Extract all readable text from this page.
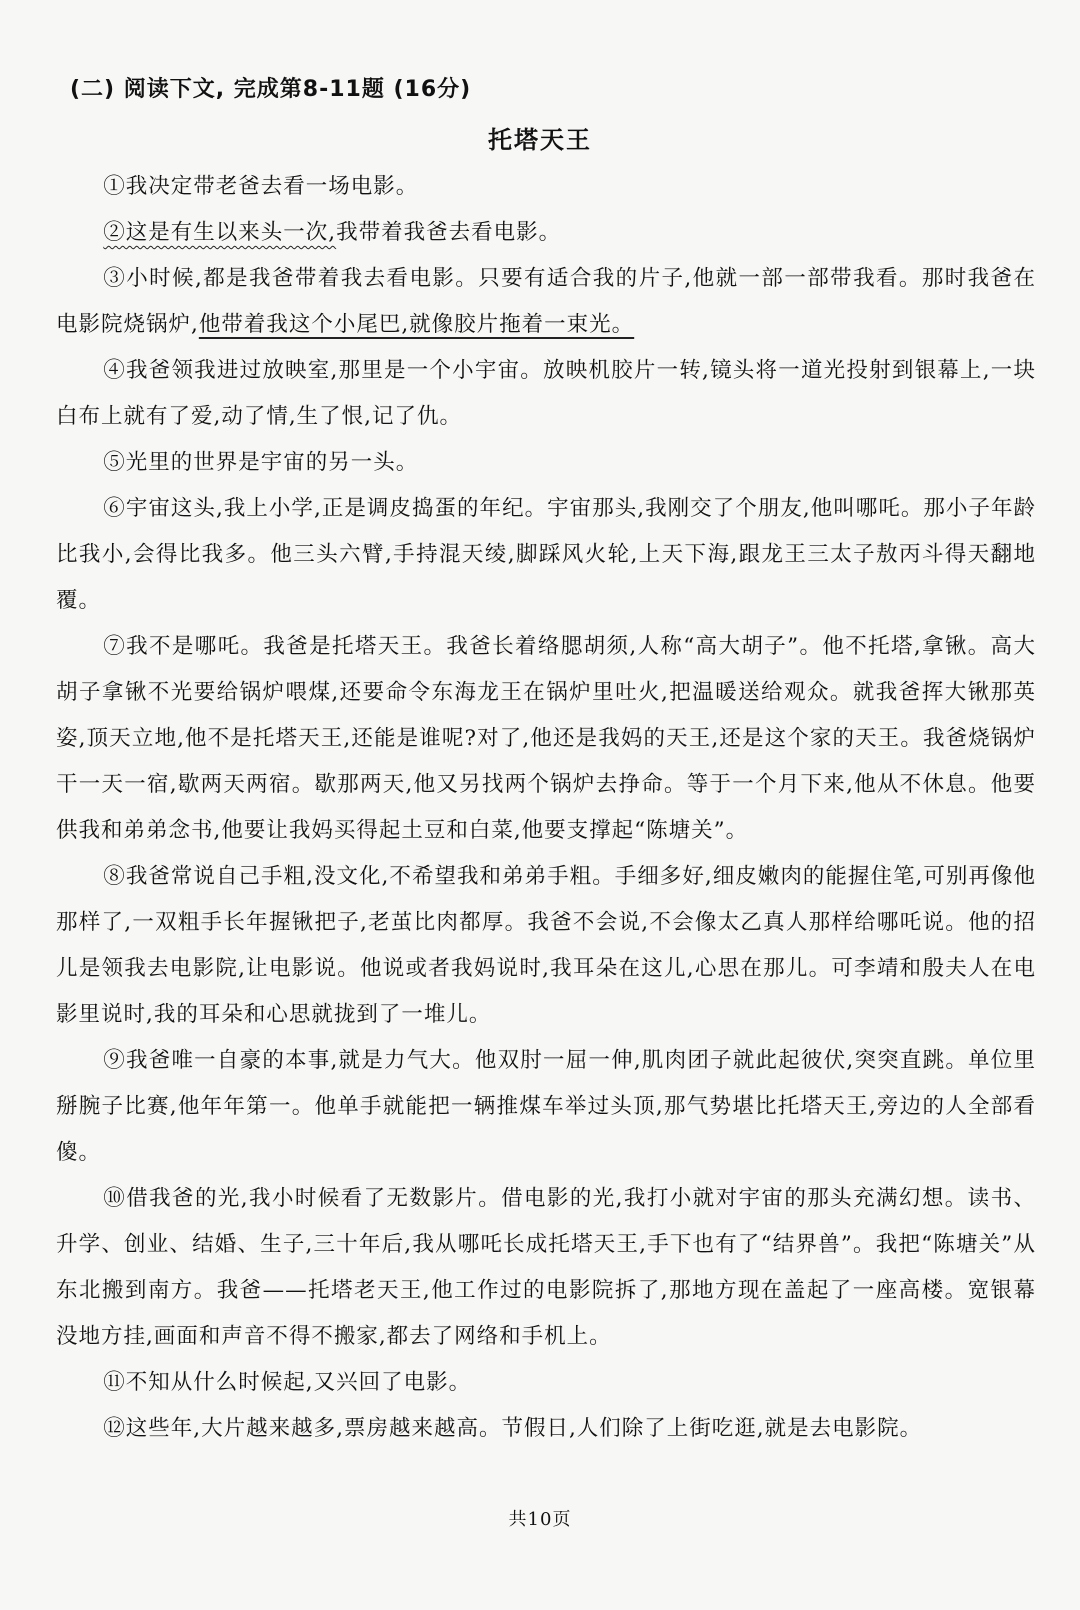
(二) 阅读下文, 完成第8-11题 (16分)
托塔天王

①我决定带老爸去看一场电影。

②这是有生以来头一次,我带着我爸去看电影。

③小时候,都是我爸带着我去看电影。只要有适合我的片子,他就一部一部带我看。那时我爸在电影院烧锅炉,他带着我这个小尾巴,就像胶片拖着一束光。

④我爸领我进过放映室,那里是一个小宇宙。放映机胶片一转,镜头将一道光投射到银幕上,一块白布上就有了爱,动了情,生了恨,记了仇。

⑤光里的世界是宇宙的另一头。

⑥宇宙这头,我上小学,正是调皮捣蛋的年纪。宇宙那头,我刚交了个朋友,他叫哪吒。那小子年龄比我小,会得比我多。他三头六臂,手持混天绫,脚踩风火轮,上天下海,跟龙王三太子敖丙斗得天翻地覆。

⑦我不是哪吒。我爸是托塔天王。我爸长着络腮胡须,人称“高大胡子”。他不托塔,拿锹。高大胡子拿锹不光要给锅炉喂煤,还要命令东海龙王在锅炉里吐火,把温暖送给观众。就我爸挥大锹那英姿,顶天立地,他不是托塔天王,还能是谁呢?对了,他还是我妈的天王,还是这个家的天王。我爸烧锅炉干一天一宿,歇两天两宿。歇那两天,他又另找两个锅炉去挣命。等于一个月下来,他从不休息。他要供我和弟弟念书,他要让我妈买得起土豆和白菜,他要支撑起“陈塘关”。

⑧我爸常说自己手粗,没文化,不希望我和弟弟手粗。手细多好,细皮嫩肉的能握住笔,可别再像他那样了,一双粗手长年握锹把子,老茧比肉都厚。我爸不会说,不会像太乙真人那样给哪吒说。他的招儿是领我去电影院,让电影说。他说或者我妈说时,我耳朵在这儿,心思在那儿。可李靖和殷夫人在电影里说时,我的耳朵和心思就拢到了一堆儿。

⑨我爸唯一自豪的本事,就是力气大。他双肘一屈一伸,肌肉团子就此起彼伏,突突直跳。单位里掰腕子比赛,他年年第一。他单手就能把一辆推煤车举过头顶,那气势堪比托塔天王,旁边的人全部看傻。

⑩借我爸的光,我小时候看了无数影片。借电影的光,我打小就对宇宙的那头充满幻想。读书、升学、创业、结婚、生子,三十年后,我从哪吒长成托塔天王,手下也有了“结界兽”。我把“陈塘关”从东北搬到南方。我爸——托塔老天王,他工作过的电影院拆了,那地方现在盖起了一座高楼。宽银幕没地方挂,画面和声音不得不搬家,都去了网络和手机上。

⑪不知从什么时候起,又兴回了电影。

⑫这些年,大片越来越多,票房越来越高。节假日,人们除了上街吃逛,就是去电影院。

共10页
